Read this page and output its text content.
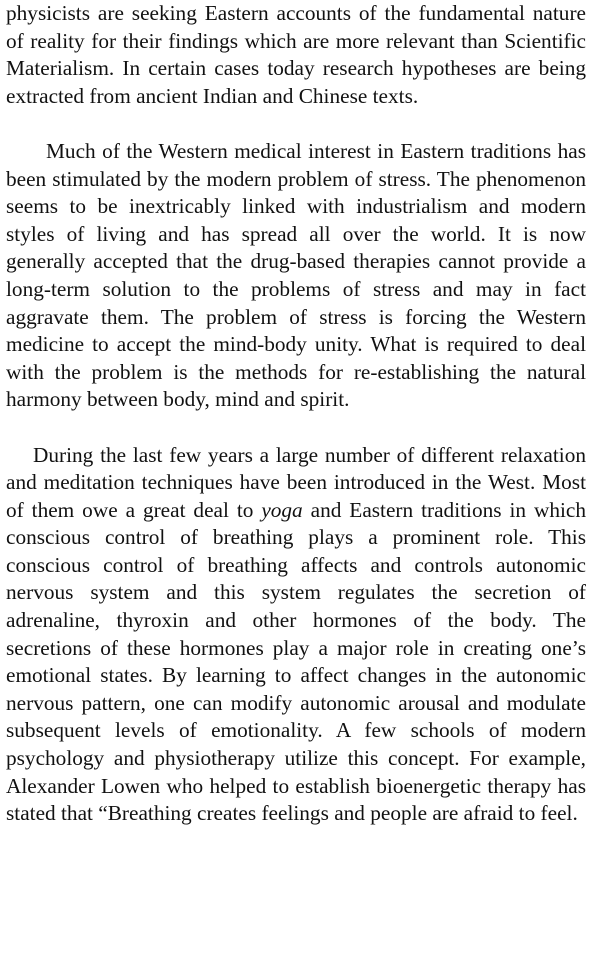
physicists are seeking Eastern accounts of the fundamental nature of reality for their findings which are more relevant than Scientific Materialism. In certain cases today research hypotheses are being extracted from ancient Indian and Chinese texts.

Much of the Western medical interest in Eastern traditions has been stimulated by the modern problem of stress. The phenomenon seems to be inextricably linked with industrialism and modern styles of living and has spread all over the world. It is now generally accepted that the drug-based therapies cannot provide a long-term solution to the problems of stress and may in fact aggravate them. The problem of stress is forcing the Western medicine to accept the mind-body unity. What is required to deal with the problem is the methods for re-establishing the natural harmony between body, mind and spirit.

During the last few years a large number of different relaxation and meditation techniques have been introduced in the West. Most of them owe a great deal to yoga and Eastern traditions in which conscious control of breathing plays a prominent role. This conscious control of breathing affects and controls autonomic nervous system and this system regulates the secretion of adrenaline, thyroxin and other hormones of the body. The secretions of these hormones play a major role in creating one’s emotional states. By learning to affect changes in the autonomic nervous pattern, one can modify autonomic arousal and modulate subsequent levels of emotionality. A few schools of modern psychology and physiotherapy utilize this concept. For example, Alexander Lowen who helped to establish bioenergetic therapy has stated that “Breathing creates feelings and people are afraid to feel.
